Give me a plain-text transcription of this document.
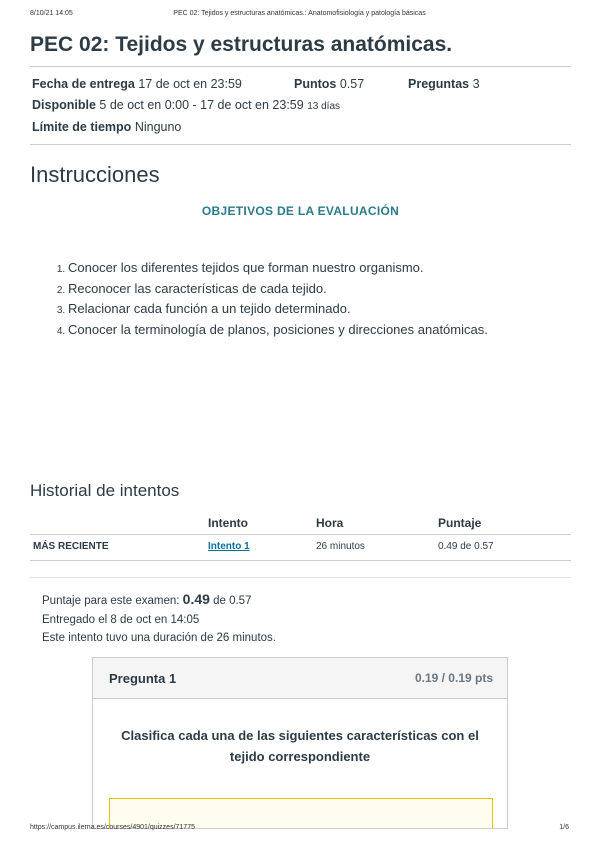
8/10/21 14:05	PEC 02: Tejidos y estructuras anatómicas.: Anatomofisiología y patología básicas
PEC 02: Tejidos y estructuras anatómicas.
Fecha de entrega 17 de oct en 23:59	Puntos 0.57	Preguntas 3
Disponible 5 de oct en 0:00 - 17 de oct en 23:59 13 días
Límite de tiempo Ninguno
Instrucciones
OBJETIVOS DE LA EVALUACIÓN
1. Conocer los diferentes tejidos que forman nuestro organismo.
2. Reconocer las características de cada tejido.
3. Relacionar cada función a un tejido determinado.
4. Conocer la terminología de planos, posiciones y direcciones anatómicas.
Historial de intentos
	Intento	Hora	Puntaje
MÁS RECIENTE	Intento 1	26 minutos	0.49 de 0.57
Puntaje para este examen: 0.49 de 0.57
Entregado el 8 de oct en 14:05
Este intento tuvo una duración de 26 minutos.
Pregunta 1	0.19 / 0.19 pts
Clasifica cada una de las siguientes características con el tejido correspondiente
https://campus.ilerna.es/courses/4901/quizzes/71775	1/6
